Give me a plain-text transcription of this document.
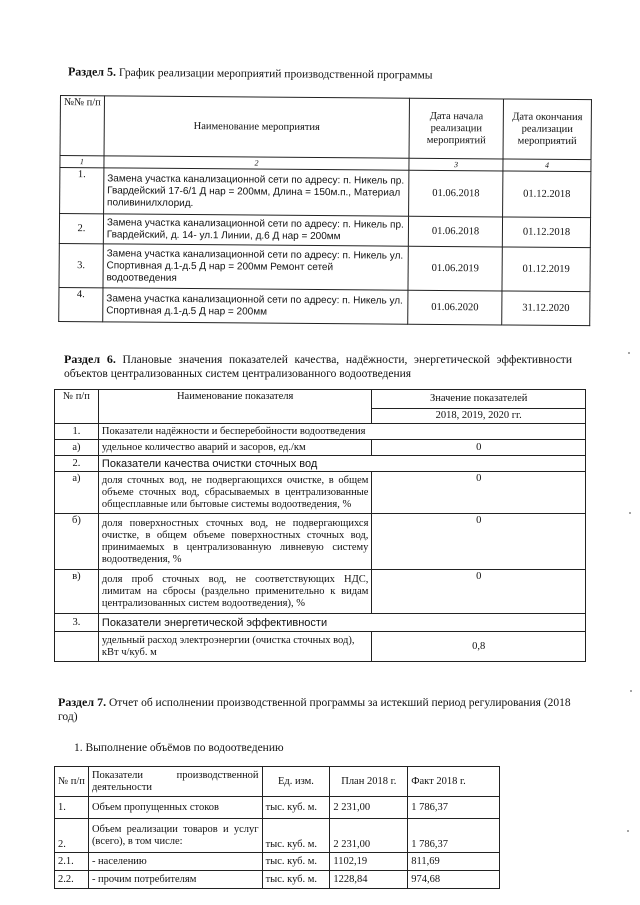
Раздел 5. График реализации мероприятий производственной программы
№№ п/п	Наименование мероприятия	Дата начала реализации мероприятий	Дата окончания реализации мероприятий
1	2	3	4
1.	Замена участка канализационной сети по адресу: п. Никель пр. Гвардейский 17-6/1 Д нар = 200мм, Длина = 150м.п., Материал поливинилхлорид.	01.06.2018	01.12.2018
2.	Замена участка канализационной сети по адресу: п. Никель пр. Гвардейский, д. 14- ул.1 Линии, д.6 Д нар = 200мм	01.06.2018	01.12.2018
3.	Замена участка канализационной сети по адресу: п. Никель ул. Спортивная д.1-д.5 Д нар = 200мм Ремонт сетей водоотведения	01.06.2019	01.12.2019
4.	Замена участка канализационной сети по адресу: п. Никель ул. Спортивная д.1-д.5 Д нар = 200мм	01.06.2020	31.12.2020
Раздел 6. Плановые значения показателей качества, надёжности, энергетической эффективности объектов централизованных систем централизованного водоотведения
№ п/п	Наименование показателя	Значение показателей
		2018, 2019, 2020 гг.
1.	Показатели надёжности и бесперебойности водоотведения	
а)	удельное количество аварий и засоров, ед./км	0
2.	Показатели качества очистки сточных вод	
а)	доля сточных вод, не подвергающихся очистке, в общем объеме сточных вод, сбрасываемых в централизованные общесплавные или бытовые системы водоотведения, %	0
б)	доля поверхностных сточных вод, не подвергающихся очистке, в общем объеме поверхностных сточных вод, принимаемых в централизованную ливневую систему водоотведения, %	0
в)	доля проб сточных вод, не соответствующих НДС, лимитам на сбросы (раздельно применительно к видам централизованных систем водоотведения), %	0
3.	Показатели энергетической эффективности	
	удельный расход электроэнергии (очистка сточных вод), кВт ч/куб. м	0,8
Раздел 7. Отчет об исполнении производственной программы за истекший период регулирования (2018 год)
1. Выполнение объёмов по водоотведению
№ п/п	Показатели производственной деятельности	Ед. изм.	План 2018 г.	Факт 2018 г.
1.	Объем пропущенных стоков	тыс. куб. м.	2 231,00	1 786,37
2.	Объем реализации товаров и услуг (всего), в том числе:	тыс. куб. м.	2 231,00	1 786,37
2.1.	- населению	тыс. куб. м.	1102,19	811,69
2.2.	- прочим потребителям	тыс. куб. м.	1228,84	974,68
